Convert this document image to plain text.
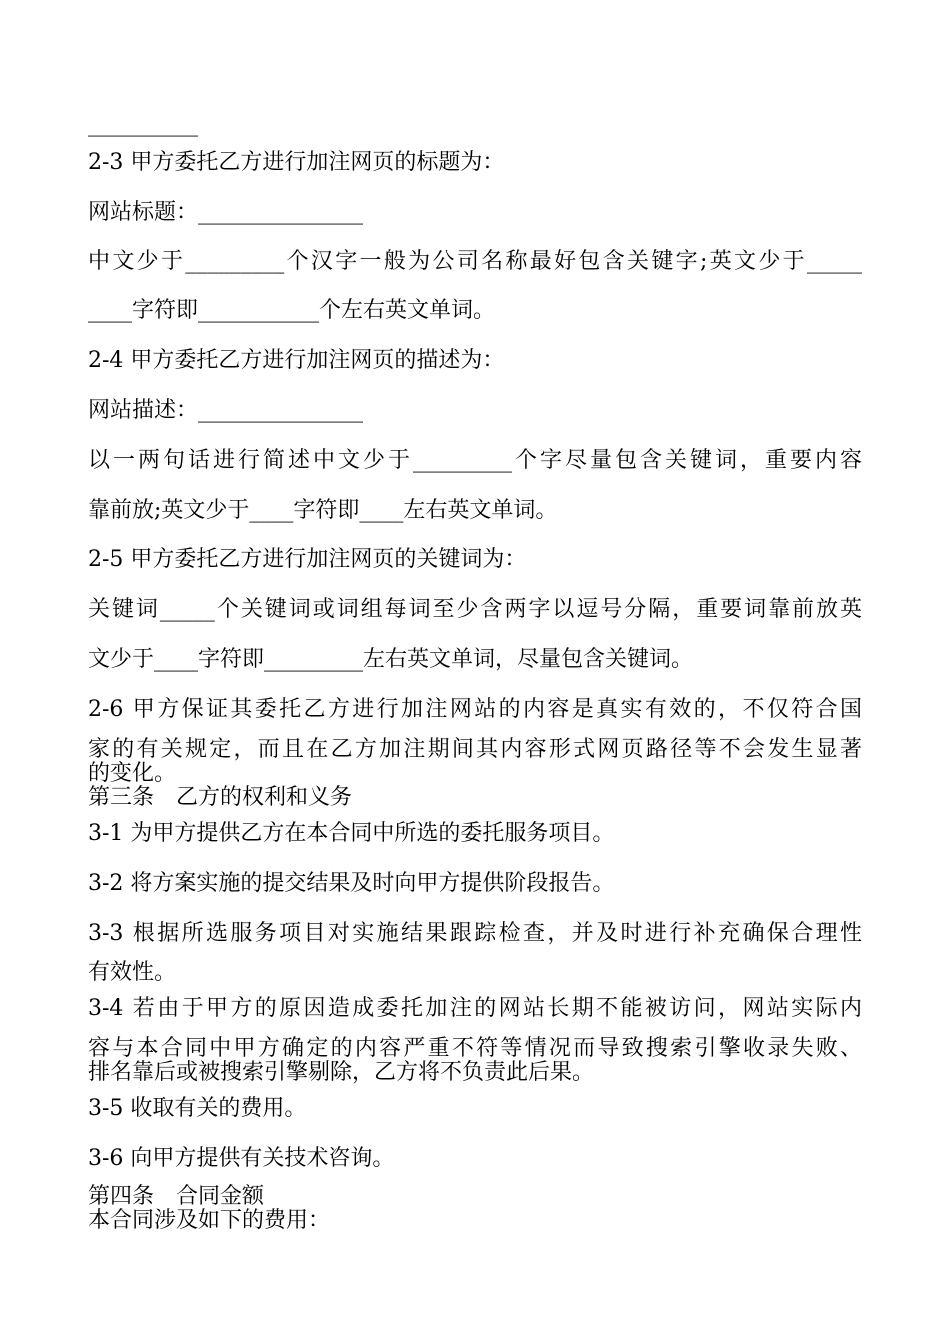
__________
2-3 甲方委托乙方进行加注网页的标题为：
网站标题：_______________
中文少于_________个汉字一般为公司名称最好包含关键字;英文少于_____
____字符即___________个左右英文单词。
2-4 甲方委托乙方进行加注网页的描述为：
网站描述：_______________
以一两句话进行简述中文少于_________个字尽量包含关键词，重要内容
靠前放;英文少于____字符即____左右英文单词。
2-5 甲方委托乙方进行加注网页的关键词为：
关键词_____个关键词或词组每词至少含两字以逗号分隔，重要词靠前放英
文少于____字符即_________左右英文单词，尽量包含关键词。
2-6 甲方保证其委托乙方进行加注网站的内容是真实有效的，不仅符合国
家的有关规定，而且在乙方加注期间其内容形式网页路径等不会发生显著
的变化。
第三条　乙方的权利和义务
3-1 为甲方提供乙方在本合同中所选的委托服务项目。
3-2 将方案实施的提交结果及时向甲方提供阶段报告。
3-3 根据所选服务项目对实施结果跟踪检查，并及时进行补充确保合理性
有效性。
3-4 若由于甲方的原因造成委托加注的网站长期不能被访问，网站实际内
容与本合同中甲方确定的内容严重不符等情况而导致搜索引擎收录失败、
排名靠后或被搜索引擎剔除，乙方将不负责此后果。
3-5 收取有关的费用。
3-6 向甲方提供有关技术咨询。
第四条　合同金额
本合同涉及如下的费用：
